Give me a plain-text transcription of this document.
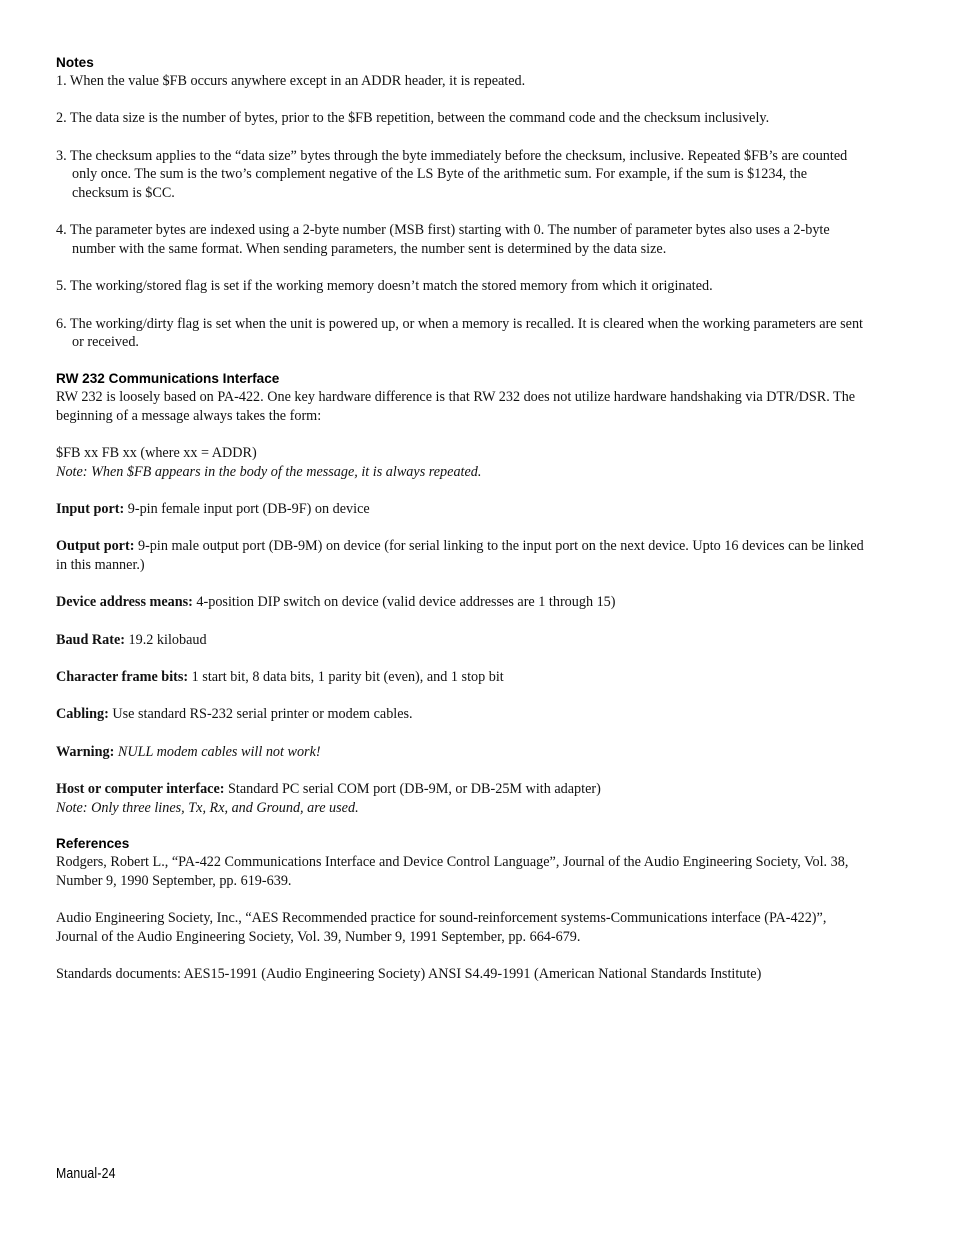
Notes

1. When the value $FB occurs anywhere except in an ADDR header, it is repeated.

2. The data size is the number of bytes, prior to the $FB repetition, between the command code and the checksum inclusively.

3. The checksum applies to the “data size” bytes through the byte immediately before the checksum, inclusive. Repeated $FB’s are counted only once. The sum is the two’s complement negative of the LS Byte of the arithmetic sum. For example, if the sum is $1234, the checksum is $CC.

4. The parameter bytes are indexed using a 2-byte number (MSB first) starting with 0. The number of parameter bytes also uses a 2-byte number with the same format. When sending parameters, the number sent is determined by the data size.

5. The working/stored flag is set if the working memory doesn’t match the stored memory from which it originated.

6. The working/dirty flag is set when the unit is powered up, or when a memory is recalled. It is cleared when the working parameters are sent or received.

RW 232 Communications Interface

RW 232 is loosely based on PA-422. One key hardware difference is that RW 232 does not utilize hardware handshaking via DTR/DSR. The beginning of a message always takes the form:

$FB xx FB xx (where xx = ADDR)
Note: When $FB appears in the body of the message, it is always repeated.

Input port: 9-pin female input port (DB-9F) on device

Output port: 9-pin male output port (DB-9M) on device (for serial linking to the input port on the next device. Upto 16 devices can be linked in this manner.)

Device address means: 4-position DIP switch on device (valid device addresses are 1 through 15)

Baud Rate: 19.2 kilobaud

Character frame bits: 1 start bit, 8 data bits, 1 parity bit (even), and 1 stop bit

Cabling: Use standard RS-232 serial printer or modem cables.

Warning: NULL modem cables will not work!

Host or computer interface: Standard PC serial COM port (DB-9M, or DB-25M with adapter)
Note: Only three lines, Tx, Rx, and Ground, are used.

References

Rodgers, Robert L., “PA-422 Communications Interface and Device Control Language”, Journal of the Audio Engineering Society, Vol. 38, Number 9, 1990 September, pp. 619-639.

Audio Engineering Society, Inc., “AES Recommended practice for sound-reinforcement systems-Communications interface (PA-422)”, Journal of the Audio Engineering Society, Vol. 39, Number 9, 1991 September, pp. 664-679.

Standards documents: AES15-1991 (Audio Engineering Society) ANSI S4.49-1991 (American National Standards Institute)

Manual-24
